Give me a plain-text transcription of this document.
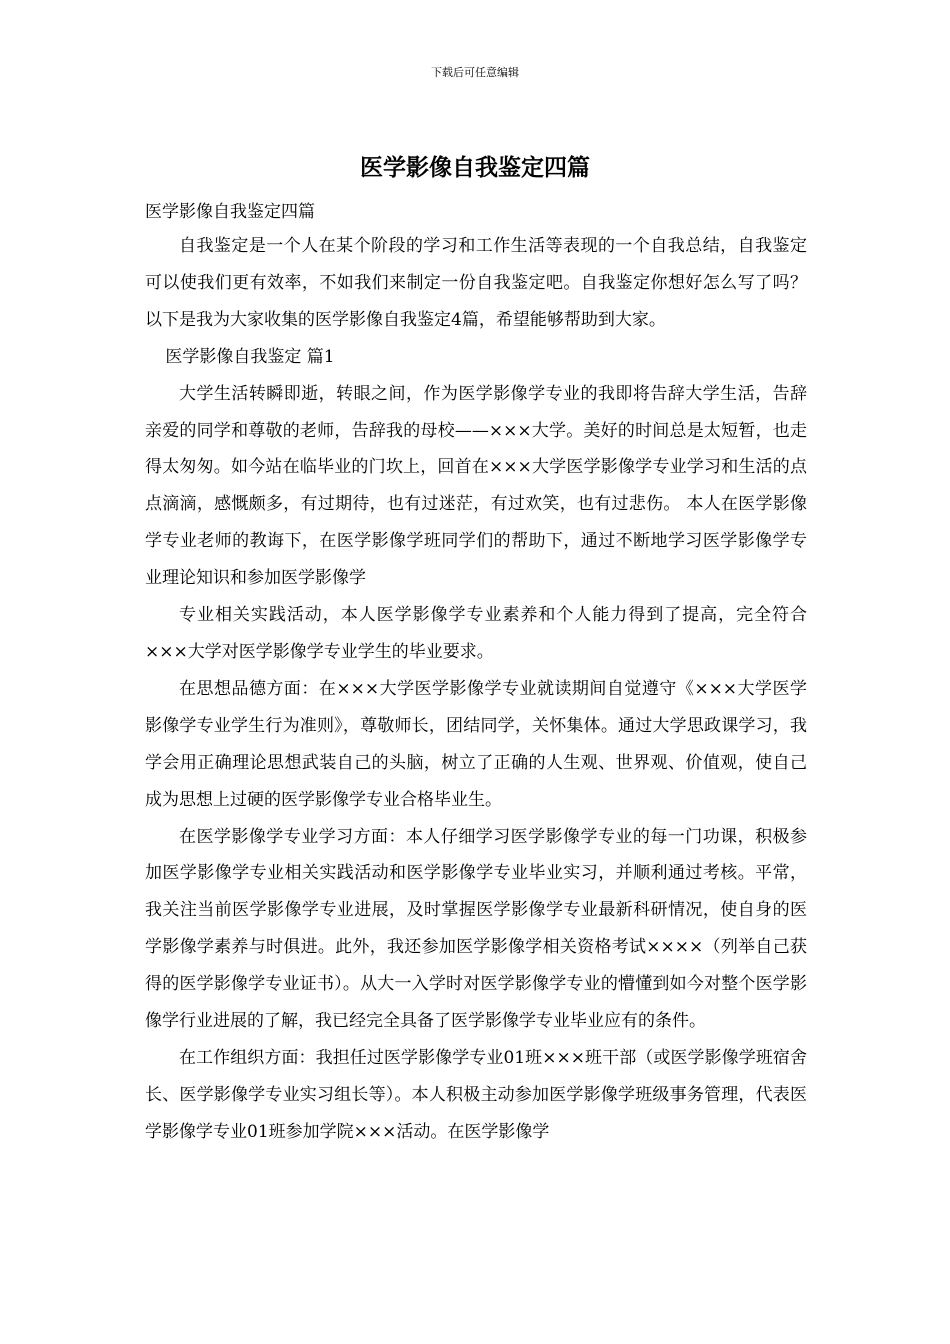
下载后可任意编辑
医学影像自我鉴定四篇

医学影像自我鉴定四篇

自我鉴定是一个人在某个阶段的学习和工作生活等表现的一个自我总结，自我鉴定可以使我们更有效率，不如我们来制定一份自我鉴定吧。自我鉴定你想好怎么写了吗？以下是我为大家收集的医学影像自我鉴定4篇，希望能够帮助到大家。

医学影像自我鉴定 篇1

大学生活转瞬即逝，转眼之间，作为医学影像学专业的我即将告辞大学生活，告辞亲爱的同学和尊敬的老师，告辞我的母校——×××大学。美好的时间总是太短暂，也走得太匆匆。如今站在临毕业的门坎上，回首在×××大学医学影像学专业学习和生活的点点滴滴，感慨颇多，有过期待，也有过迷茫，有过欢笑，也有过悲伤。 本人在医学影像学专业老师的教诲下，在医学影像学班同学们的帮助下，通过不断地学习医学影像学专业理论知识和参加医学影像学

专业相关实践活动，本人医学影像学专业素养和个人能力得到了提高，完全符合×××大学对医学影像学专业学生的毕业要求。

在思想品德方面：在×××大学医学影像学专业就读期间自觉遵守《×××大学医学影像学专业学生行为准则》，尊敬师长，团结同学，关怀集体。通过大学思政课学习，我学会用正确理论思想武装自己的头脑，树立了正确的人生观、世界观、价值观，使自己成为思想上过硬的医学影像学专业合格毕业生。

在医学影像学专业学习方面：本人仔细学习医学影像学专业的每一门功课，积极参加医学影像学专业相关实践活动和医学影像学专业毕业实习，并顺利通过考核。平常，我关注当前医学影像学专业进展，及时掌握医学影像学专业最新科研情况，使自身的医学影像学素养与时俱进。此外，我还参加医学影像学相关资格考试××××（列举自己获得的医学影像学专业证书）。从大一入学时对医学影像学专业的懵懂到如今对整个医学影像学行业进展的了解，我已经完全具备了医学影像学专业毕业应有的条件。

在工作组织方面：我担任过医学影像学专业01班×××班干部（或医学影像学班宿舍长、医学影像学专业实习组长等）。本人积极主动参加医学影像学班级事务管理，代表医学影像学专业01班参加学院×××活动。在医学影像学
